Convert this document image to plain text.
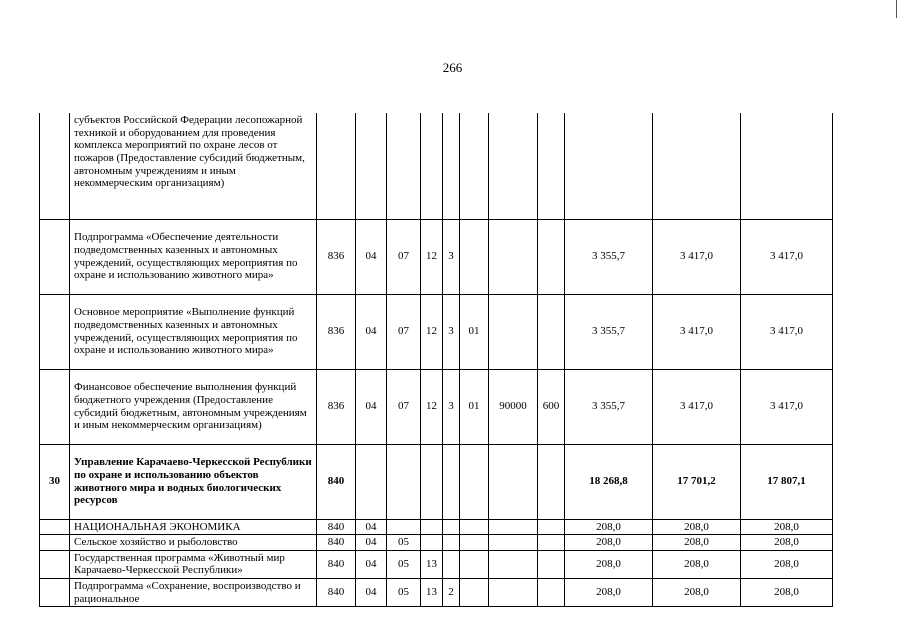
266
	субъектов Российской Федерации лесопожарной техникой и оборудованием для проведения комплекса мероприятий по охране лесов от пожаров (Предоставление субсидий бюджетным, автономным учреждениям и иным некоммерческим организациям)											
	Подпрограмма «Обеспечение деятельности подведомственных казенных и автономных учреждений, осуществляющих мероприятия по охране и использованию животного мира»	836	04	07	12	3				3 355,7	3 417,0	3 417,0
	Основное мероприятие «Выполнение функций подведомственных казенных и автономных учреждений, осуществляющих мероприятия по охране и использованию животного мира»	836	04	07	12	3	01			3 355,7	3 417,0	3 417,0
	Финансовое обеспечение выполнения функций бюджетного учреждения (Предоставление субсидий бюджетным, автономным учреждениям и иным некоммерческим организациям)	836	04	07	12	3	01	90000	600	3 355,7	3 417,0	3 417,0
30	Управление Карачаево-Черкесской Республики по охране и использованию объектов животного мира и водных биологических ресурсов	840								18 268,8	17 701,2	17 807,1
	НАЦИОНАЛЬНАЯ ЭКОНОМИКА	840	04							208,0	208,0	208,0
	Сельское хозяйство и рыболовство	840	04	05						208,0	208,0	208,0
	Государственная программа «Животный мир Карачаево-Черкесской Республики»	840	04	05	13					208,0	208,0	208,0
	Подпрограмма «Сохранение, воспроизводство и рациональное	840	04	05	13	2				208,0	208,0	208,0
